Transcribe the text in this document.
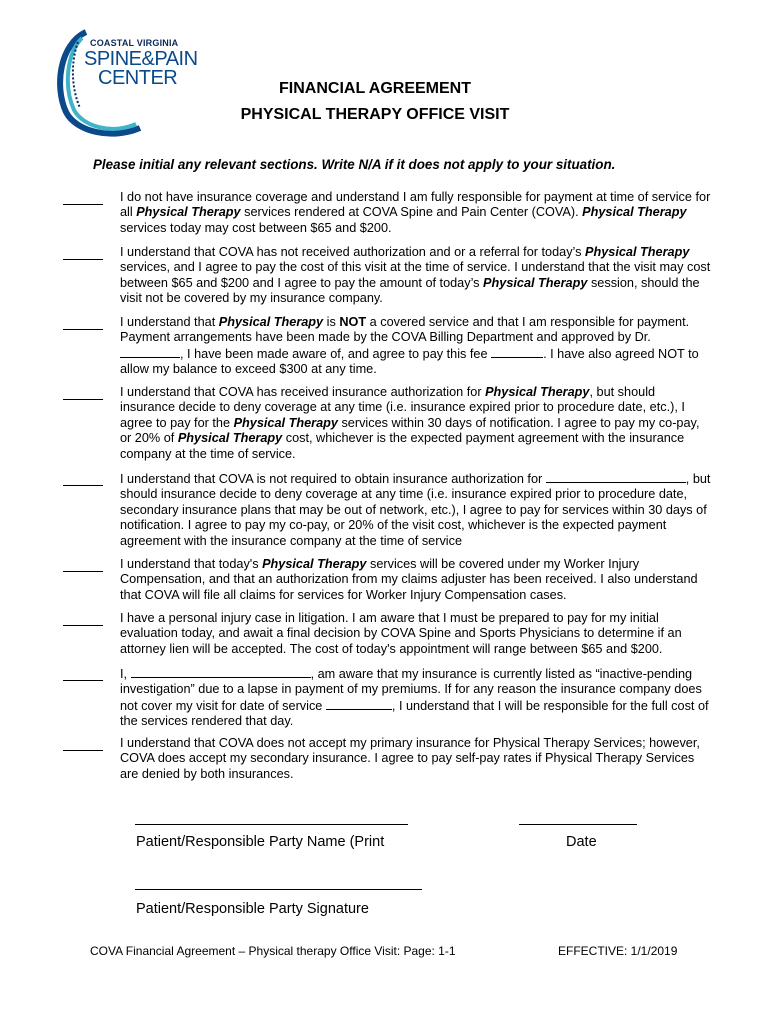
COASTAL VIRGINIA
SPINE&PAIN
CENTER	FINANCIAL AGREEMENT
PHYSICAL THERAPY OFFICE VISIT
Please initial any relevant sections. Write N/A if it does not apply to your situation.
I do not have insurance coverage and understand I am fully responsible for payment at time of service for all Physical Therapy services rendered at COVA Spine and Pain Center (COVA). Physical Therapy services today may cost between $65 and $200.
I understand that COVA has not received authorization and or a referral for today’s Physical Therapy services, and I agree to pay the cost of this visit at the time of service. I understand that the visit may cost between $65 and $200 and I agree to pay the amount of today’s Physical Therapy session, should the visit not be covered by my insurance company.
I understand that Physical Therapy is NOT a covered service and that I am responsible for payment. Payment arrangements have been made by the COVA Billing Department and approved by Dr. , I have been made aware of, and agree to pay this fee	. I have also agreed NOT to allow my balance to exceed $300 at any time.
I understand that COVA has received insurance authorization for Physical Therapy, but should insurance decide to deny coverage at any time (i.e. insurance expired prior to procedure date, etc.), I agree to pay for the Physical Therapy services within 30 days of notification. I agree to pay my co-pay, or 20% of Physical Therapy cost, whichever is the expected payment agreement with the insurance company at the time of service.
I understand that COVA is not required to obtain insurance authorization for	, but should insurance decide to deny coverage at any time (i.e. insurance expired prior to procedure date, secondary insurance plans that may be out of network, etc.), I agree to pay for services within 30 days of notification. I agree to pay my co-pay, or 20% of the visit cost, whichever is the expected payment agreement with the insurance company at the time of service
I understand that today's Physical Therapy services will be covered under my Worker Injury Compensation, and that an authorization from my claims adjuster has been received. I also understand that COVA will file all claims for services for Worker Injury Compensation cases.
I have a personal injury case in litigation. I am aware that I must be prepared to pay for my initial evaluation today, and await a final decision by COVA Spine and Sports Physicians to determine if an attorney lien will be accepted. The cost of today's appointment will range between $65 and $200.
I,	, am aware that my insurance is currently listed as “inactive-pending investigation” due to a lapse in payment of my premiums. If for any reason the insurance company does not cover my visit for date of service	, I understand that I will be responsible for the full cost of the services rendered that day.
I understand that COVA does not accept my primary insurance for Physical Therapy Services; however, COVA does accept my secondary insurance. I agree to pay self-pay rates if Physical Therapy Services are denied by both insurances.
Patient/Responsible Party Name (Print	Date
Patient/Responsible Party Signature
COVA Financial Agreement – Physical therapy Office Visit: Page: 1-1	EFFECTIVE: 1/1/2019
